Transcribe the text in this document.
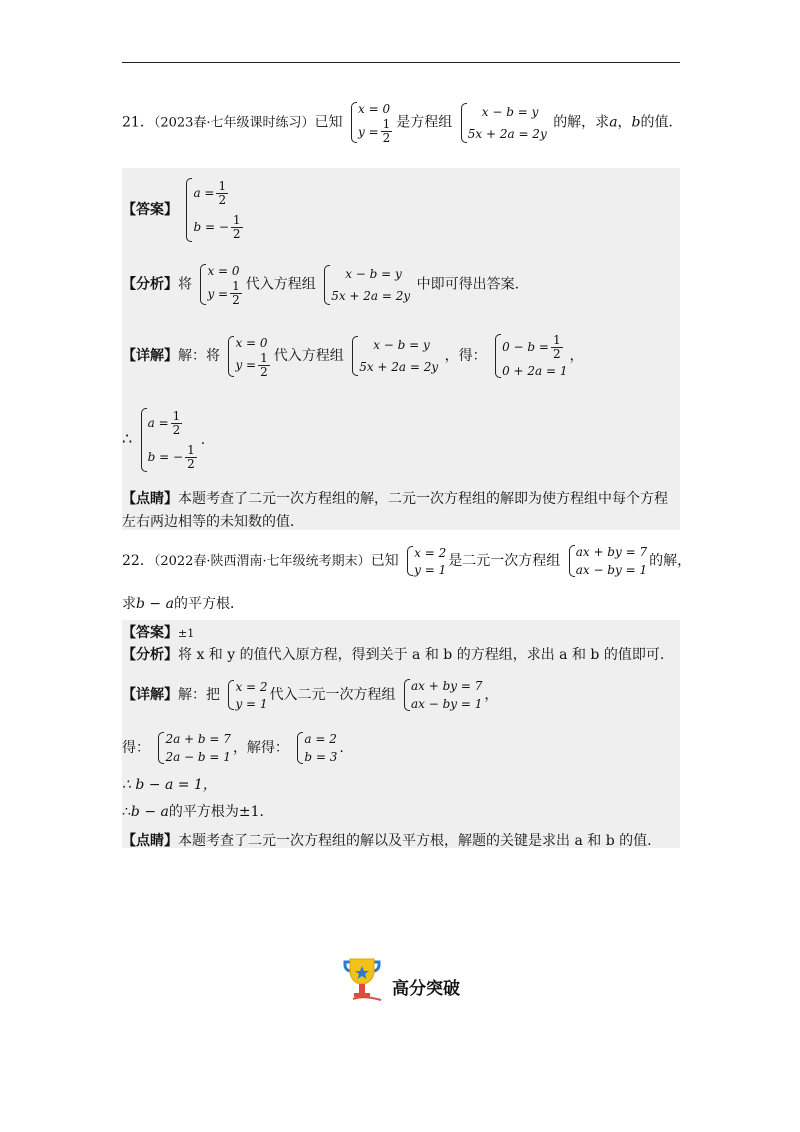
21．（2023春·七年级课时练习）已知
x = 0
$y = \frac{1}{2}$ 是方程组
x − b = y
5x + 2a = 2y
的解，求a，b的值．
【答案】
$a = \frac{1}{2}$
b = − $\frac{1}{2}$
【分析】将
x = 0
$y = \frac{1}{2}$ 代入方程组
x − b = y
5x + 2a = 2y
中即可得出答案.
【详解】解：将
x = 0
$y = \frac{1}{2}$ 代入方程组
x − b = y
5x + 2a = 2y
，得：
$0 - b = \frac{1}{2}$
0 + 2a = 1
，
∴
$a = \frac{1}{2}$
b = − $\frac{1}{2}$
.
【点睛】本题考查了二元一次方程组的解，二元一次方程组的解即为使方程组中每个方程
左右两边相等的未知数的值．
22．（2022春·陕西渭南·七年级统考期末）已知
x = 2
y = 1
是二元一次方程组
ax + by = 7
ax − by = 1
的解，
求b − a的平方根．
【答案】±1
【分析】将 x 和 y 的值代入原方程，得到关于 a 和 b 的方程组，求出 a 和 b 的值即可.
【详解】解：把
x = 2
y = 1
代入二元一次方程组
ax + by = 7
ax − by = 1
，
得：
2a + b = 7
2a − b = 1
，解得：
a = 2
b = 3
.
∴ b − a = 1，
∴b − a的平方根为±1．
【点睛】本题考查了二元一次方程组的解以及平方根，解题的关键是求出 a 和 b 的值.
高分突破
